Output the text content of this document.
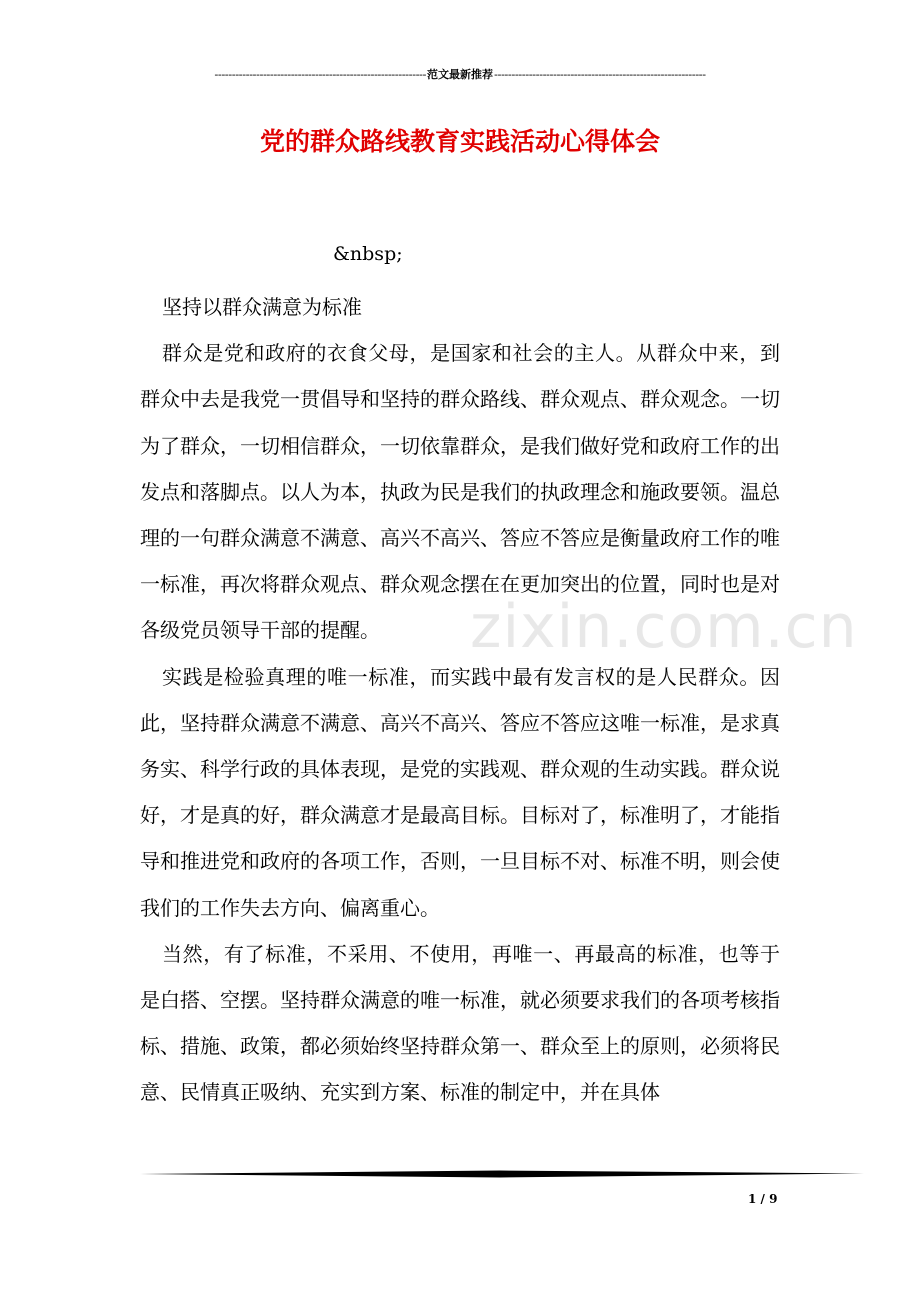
-------------------------------------------------------------范文最新推荐-------------------------------------------------------------
党的群众路线教育实践活动心得体会
&nbsp;

坚持以群众满意为标准

群众是党和政府的衣食父母，是国家和社会的主人。从群众中来，到群众中去是我党一贯倡导和坚持的群众路线、群众观点、群众观念。一切为了群众，一切相信群众，一切依靠群众，是我们做好党和政府工作的出发点和落脚点。以人为本，执政为民是我们的执政理念和施政要领。温总理的一句群众满意不满意、高兴不高兴、答应不答应是衡量政府工作的唯一标准，再次将群众观点、群众观念摆在在更加突出的位置，同时也是对各级党员领导干部的提醒。

实践是检验真理的唯一标准，而实践中最有发言权的是人民群众。因此，坚持群众满意不满意、高兴不高兴、答应不答应这唯一标准，是求真务实、科学行政的具体表现，是党的实践观、群众观的生动实践。群众说好，才是真的好，群众满意才是最高目标。目标对了，标准明了，才能指导和推进党和政府的各项工作，否则，一旦目标不对、标准不明，则会使我们的工作失去方向、偏离重心。

当然，有了标准，不采用、不使用，再唯一、再最高的标准，也等于是白搭、空摆。坚持群众满意的唯一标准，就必须要求我们的各项考核指标、措施、政策，都必须始终坚持群众第一、群众至上的原则，必须将民意、民情真正吸纳、充实到方案、标准的制定中，并在具体

zixin.com.cn
1 / 9
